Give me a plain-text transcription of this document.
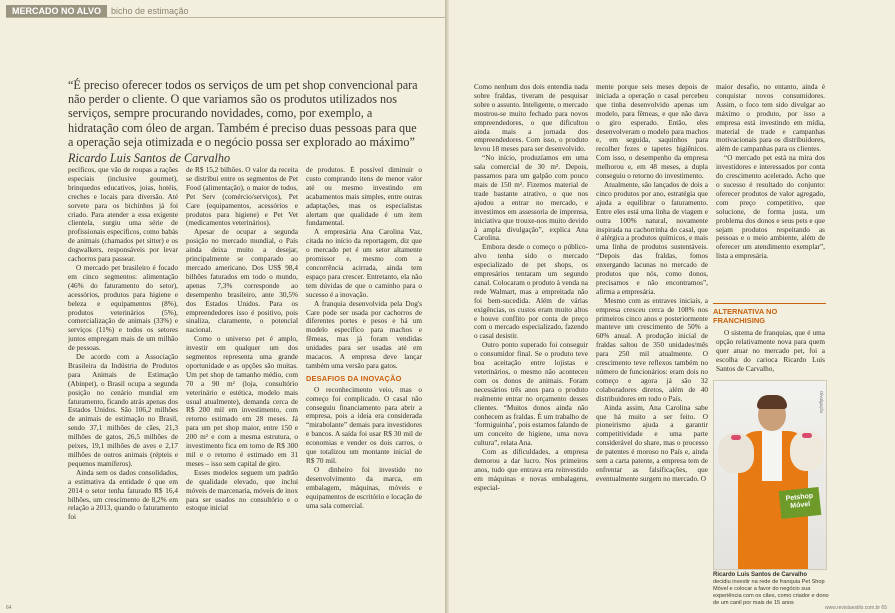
MERCADO NO ALVO	bicho de estimação
“É preciso oferecer todos os serviços de um pet shop convencional para não perder o cliente. O que variamos são os produtos utilizados nos serviços, sempre procurando novidades, como, por exemplo, a hidratação com óleo de argan. Também é preciso duas pessoas para que a operação seja otimizada e o negócio possa ser explorado ao máximo”
Ricardo Luis Santos de Carvalho

pecíficos, que vão de roupas a rações especiais (inclusive gourmet), brinquedos educativos, joias, hotéis, creches e locais para diversão. Até sorvete para os bichinhos já foi criado. Para atender a essa exigente clientela, surgiu uma série de profissionais específicos, como babás de animais (chamados pet sitter) e os dogwalkers, responsáveis por levar cachorros para passear.

O mercado pet brasileiro é focado em cinco segmentos: alimentação (46% do faturamento do setor), acessórios, produtos para higiene e beleza e equipamentos (8%), produtos veterinários (5%), comercialização de animais (33%) e serviços (11%) e todos os setores juntos empregam mais de um milhão de pessoas.

De acordo com a Associação Brasileira da Indústria de Produtos para Animais de Estimação (Abinpet), o Brasil ocupa a segunda posição no cenário mundial em faturamento, ficando atrás apenas dos Estados Unidos. São 106,2 milhões de animais de estimação no Brasil, sendo 37,1 milhões de cães, 21,3 milhões de gatos, 26,5 milhões de peixes, 19,1 milhões de aves e 2,17 milhões de outros animais (répteis e pequenos mamíferos).

Ainda sem os dados consolidados, a estimativa da entidade é que em 2014 o setor tenha faturado R$ 16,4 bilhões, um crescimento de 8,2% em relação a 2013, quando o faturamento foi

de R$ 15,2 bilhões. O valor da receita se distribui entre os segmentos de Pet Food (alimentação), o maior de todos, Pet Serv (comércio/serviços), Pet Care (equipamentos, acessórios e produtos para higiene) e Pet Vet (medicamentos veterinários).

Apesar de ocupar a segunda posição no mercado mundial, o País ainda deixa muito a desejar, principalmente se comparado ao mercado americano. Dos US$ 98,4 bilhões faturados em todo o mundo, apenas 7,3% corresponde ao desempenho brasileiro, ante 30,5% dos Estados Unidos. Para os empreendedores isso é positivo, pois sinaliza, claramente, o potencial nacional.

Como o universo pet é amplo, investir em qualquer um dos segmentos representa uma grande oportunidade e as opções são muitas. Um pet shop de tamanho médio, com 70 a 90 m² (loja, consultório veterinário e estética, modelo mais usual atualmente), demanda cerca de R$ 200 mil em investimento, com retorno estimado em 28 meses. Já para um pet shop maior, entre 150 e 200 m² e com a mesma estrutura, o investimento fica em torno de R$ 300 mil e o retorno é estimado em 31 meses – isso sem capital de giro.

Esses modelos seguem um padrão de qualidade elevado, que inclui móveis de marcenaria, móveis de inox para ser usados no consultório e o estoque inicial

de produtos. É possível diminuir o custo comprando itens de menor valor até ou mesmo investindo em acabamentos mais simples, entre outras adaptações, mas os especialistas alertam que qualidade é um item fundamental.

A empresária Ana Carolina Vaz, citada no início da reportagem, diz que o mercado pet é um setor altamente promissor e, mesmo com a concorrência acirrada, ainda tem espaço para crescer. Entretanto, ela não tem dúvidas de que o caminho para o sucesso é a inovação.

A franquia desenvolvida pela Dog's Care pode ser usada por cachorros de diferentes portes e pesos e há um modelo específico para machos e fêmeas, mas já foram vendidas unidades para ser usadas até em macacos. A empresa deve lançar também uma versão para gatos.

DESAFIOS DA INOVAÇÃO

O reconhecimento veio, mas o começo foi complicado. O casal não conseguiu financiamento para abrir a empresa, pois a ideia era considerada “mirabolante” demais para investidores e bancos. A saída foi usar R$ 30 mil de economias e vender os dois carros, o que totalizou um montante inicial de R$ 70 mil.

O dinheiro foi investido no desenvolvimento da marca, em embalagem, máquinas, móveis e equipamentos de escritório e locação de uma sala comercial.

64

Como nenhum dos dois entendia nada sobre fraldas, tiveram de pesquisar sobre o assunto. Inteligente, o mercado mostrou-se muito fechado para novos empreendedores, o que dificultou ainda mais a jornada dos empreendedores. Com isso, o produto levou 18 meses para ser desenvolvido.

“No início, produzíamos em uma sala comercial de 30 m². Depois, passamos para um galpão com pouco mais de 150 m². Fizemos material de trade bastante atrativo, o que nos ajudou a entrar no mercado, e investimos em assessoria de imprensa, iniciativa que trouxe-nos muito devido à ampla divulgação”, explica Ana Carolina.

Embora desde o começo o público-alvo tenha sido o mercado especializado de pet shops, os empresários tentaram um segundo canal. Colocaram o produto à venda na rede Walmart, mas a empreitada não foi bem-sucedida. Além de várias exigências, os custos eram muito altos e houve conflito por conta de preço com o mercado especializado, fazendo o casal desistir.

Outro ponto superado foi conseguir o consumidor final. Se o produto teve boa aceitação entre lojistas e veterinários, o mesmo não aconteceu com os donos de animais. Foram necessários três anos para o produto realmente entrar no orçamento desses clientes. “Muitos donos ainda não conhecem as fraldas. É um trabalho de ‘formiguinha’, pois estamos falando de um conceito de higiene, uma nova cultura”, relata Ana.

Com as dificuldades, a empresa demorou a dar lucro. Nos primeiros anos, tudo que entrava era reinvestido em máquinas e novas embalagens, especial-

mente porque seis meses depois de iniciada a operação o casal percebeu que tinha desenvolvido apenas um modelo, para fêmeas, e que não dava o giro esperado. Então, eles desenvolveram o modelo para machos e, em seguida, saquinhos para recolher fezes e tapetes higiênicos. Com isso, o desempenho da empresa melhorou e, em 48 meses, a dupla conseguiu o retorno do investimento.

Atualmente, são lançados de dois a cinco produtos por ano, estratégia que ajuda a equilibrar o faturamento. Entre eles está uma linha de viagem e outra 100% natural, novamente inspirada na cachorrinha do casal, que é alérgica a produtos químicos, e mais uma linha de produtos sustentáveis. “Depois das fraldas, fomos enxergando lacunas no mercado de produtos que nós, como donos, precisamos e não encontramos”, afirma a empresária.

Mesmo com as entraves iniciais, a empresa cresceu cerca de 108% nos primeiros cinco anos e posteriormente manteve um crescimento de 50% a 60% anual. A produção inicial de fraldas saltou de 350 unidades/mês para 250 mil atualmente. O crescimento teve reflexos também no número de funcionários: eram dois no começo e agora já são 32 colaboradores diretos, além de 40 distribuidores em todo o País.

Ainda assim, Ana Carolina sabe que há muito a ser feito. O pioneirismo ajuda a garantir competitividade e uma parte considerável do share, mas o processo de patentes é moroso no País e, ainda sem a carta patente, a empresa tem de enfrentar as falsificações, que eventualmente surgem no mercado. O

maior desafio, no entanto, ainda é conquistar novos consumidores. Assim, o foco tem sido divulgar ao máximo o produto, por isso a empresa está investindo em mídia, material de trade e campanhas motivacionais para os distribuidores, além de campanhas para os clientes.

“O mercado pet está na mira dos investidores e interessados por conta do crescimento acelerado. Acho que o sucesso é resultado do conjunto: oferecer produtos de valor agregado, com preço competitivo, que solucione, de forma justa, um problema dos donos e seus pets e que sejam produtos respeitando as pessoas e o meio ambiente, além de oferecer um atendimento exemplar”, lista a empresária.

ALTERNATIVA NO FRANCHISING

O sistema de franquias, que é uma opção relativamente nova para quem quer atuar no mercado pet, foi a escolha do carioca Ricardo Luis Santos de Carvalho,

Petshop
Móvel
Divulgação
Ricardo Luis Santos de Carvalho
decidiu investir na rede de franquia Pet Shop Móvel e colocar a favor do negócio sua experiência com os cães, como criador e dono de um canil por mais de 15 anos
www.revistaestilo.com.br 65
